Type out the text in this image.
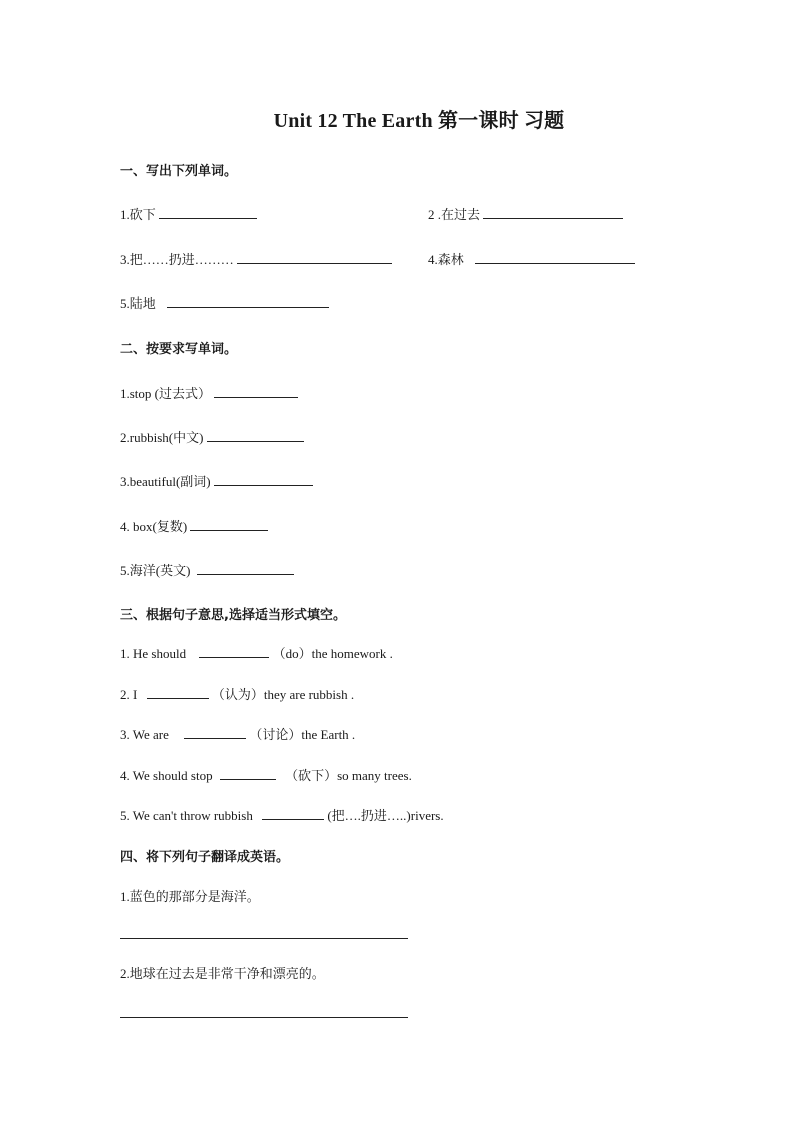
Unit 12 The Earth 第一课时 习题
一、写出下列单词。
1.砍下	2 .在过去
3.把……扔进………	4.森林
5.陆地
二、按要求写单词。
1.stop (过去式）
2.rubbish(中文)
3.beautiful(副词)
4. box(复数)
5.海洋(英文)
三、根据句子意思,选择适当形式填空。
1. He should	（do）the homework .
2. I	（认为）they are rubbish .
3. We are	（讨论）the Earth .
4. We should stop	（砍下）so many trees.
5. We can't throw rubbish	(把….扔进…..)rivers.
四、将下列句子翻译成英语。
1.蓝色的那部分是海洋。
2.地球在过去是非常干净和漂亮的。
